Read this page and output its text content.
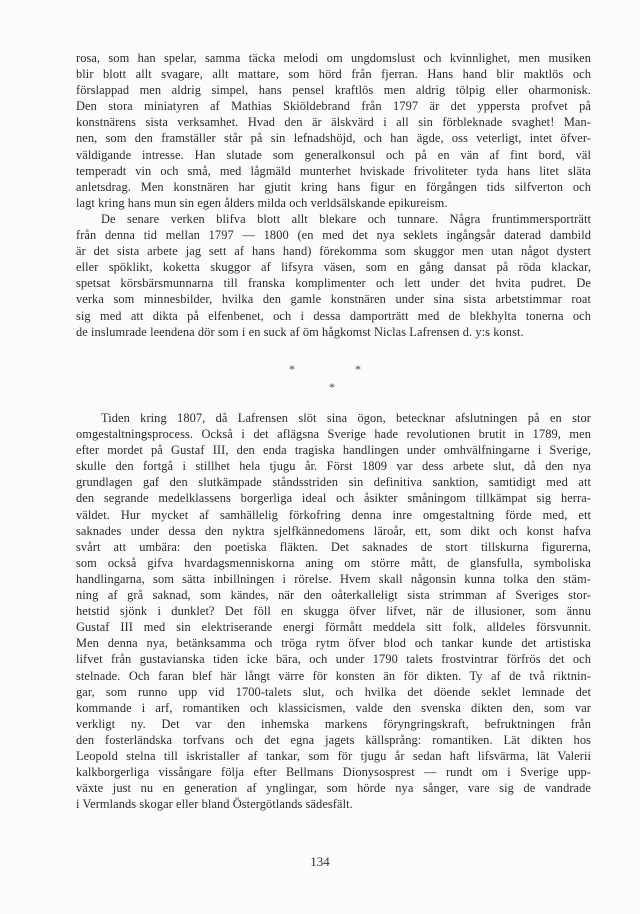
rosa, som han spelar, samma täcka melodi om ungdomslust och kvinnlighet, men musiken
blir blott allt svagare, allt mattare, som hörd från fjerran. Hans hand blir maktlös och
förslappad men aldrig simpel, hans pensel kraftlös men aldrig tölpig eller oharmonisk.
Den stora miniatyren af Mathias Skiöldebrand från 1797 är det yppersta profvet på
konstnärens sista verksamhet. Hvad den är älskvärd i all sin förbleknade svaghet! Man-
nen, som den framställer står på sin lefnadshöjd, och han ägde, oss veterligt, intet öfver-
väldigande intresse. Han slutade som generalkonsul och på en vän af fint bord, väl
temperadt vin och små, med lågmäld munterhet hviskade frivoliteter tyda hans litet släta
anletsdrag. Men konstnären har gjutit kring hans figur en förgången tids silfverton och
lagt kring hans mun sin egen ålders milda och verldsälskande epikureism.
De senare verken blifva blott allt blekare och tunnare. Några fruntimmersporträtt
från denna tid mellan 1797 — 1800 (en med det nya seklets ingångsår daterad dambild
är det sista arbete jag sett af hans hand) förekomma som skuggor men utan något dystert
eller spöklikt, koketta skuggor af lifsyra väsen, som en gång dansat på röda klackar,
spetsat körsbärsmunnarna till franska komplimenter och lett under det hvita pudret. De
verka som minnesbilder, hvilka den gamle konstnären under sina sista arbetstimmar roat
sig med att dikta på elfenbenet, och i dessa damporträtt med de blekhylta tonerna och
de inslumrade leendena dör som i en suck af öm hågkomst Niclas Lafrensen d. y:s konst.
*	*
*
Tiden kring 1807, då Lafrensen slöt sina ögon, betecknar afslutningen på en stor
omgestaltningsprocess. Också i det aflägsna Sverige hade revolutionen brutit in 1789, men
efter mordet på Gustaf III, den enda tragiska handlingen under omhvälfningarne i Sverige,
skulle den fortgå i stillhet hela tjugu år. Först 1809 var dess arbete slut, då den nya
grundlagen gaf den slutkämpade ståndsstriden sin definitiva sanktion, samtidigt med att
den segrande medelklassens borgerliga ideal och åsikter småningom tillkämpat sig herra-
väldet. Hur mycket af samhällelig förkofring denna inre omgestaltning förde med, ett
saknades under dessa den nyktra sjelfkännedomens läroår, ett, som dikt och konst hafva
svårt att umbära: den poetiska fläkten. Det saknades de stort tillskurna figurerna,
som också gifva hvardagsmenniskorna aning om större mått, de glansfulla, symboliska
handlingarna, som sätta inbillningen i rörelse. Hvem skall någonsin kunna tolka den stäm-
ning af grå saknad, som kändes, när den oåterkalleligt sista strimman af Sveriges stor-
hetstid sjönk i dunklet? Det föll en skugga öfver lifvet, när de illusioner, som ännu
Gustaf III med sin elektriserande energi förmått meddela sitt folk, alldeles försvunnit.
Men denna nya, betänksamma och tröga rytm öfver blod och tankar kunde det artistiska
lifvet från gustavianska tiden icke bära, och under 1790 talets frostvintrar förfrös det och
stelnade. Och faran blef här långt värre för konsten än för dikten. Ty af de två riktnin-
gar, som runno upp vid 1700-talets slut, och hvilka det döende seklet lemnade det
kommande i arf, romantiken och klassicismen, valde den svenska dikten den, som var
verkligt ny. Det var den inhemska markens föryngringskraft, befruktningen från
den fosterländska torfvans och det egna jagets källsprång: romantiken. Lät dikten hos
Leopold stelna till iskristaller af tankar, som för tjugu år sedan haft lifsvärma, lät Valerii
kalkborgerliga vissångare följa efter Bellmans Dionysosprest — rundt om i Sverige upp-
växte just nu en generation af ynglingar, som hörde nya sånger, vare sig de vandrade
i Vermlands skogar eller bland Östergötlands sädesfält.
134
